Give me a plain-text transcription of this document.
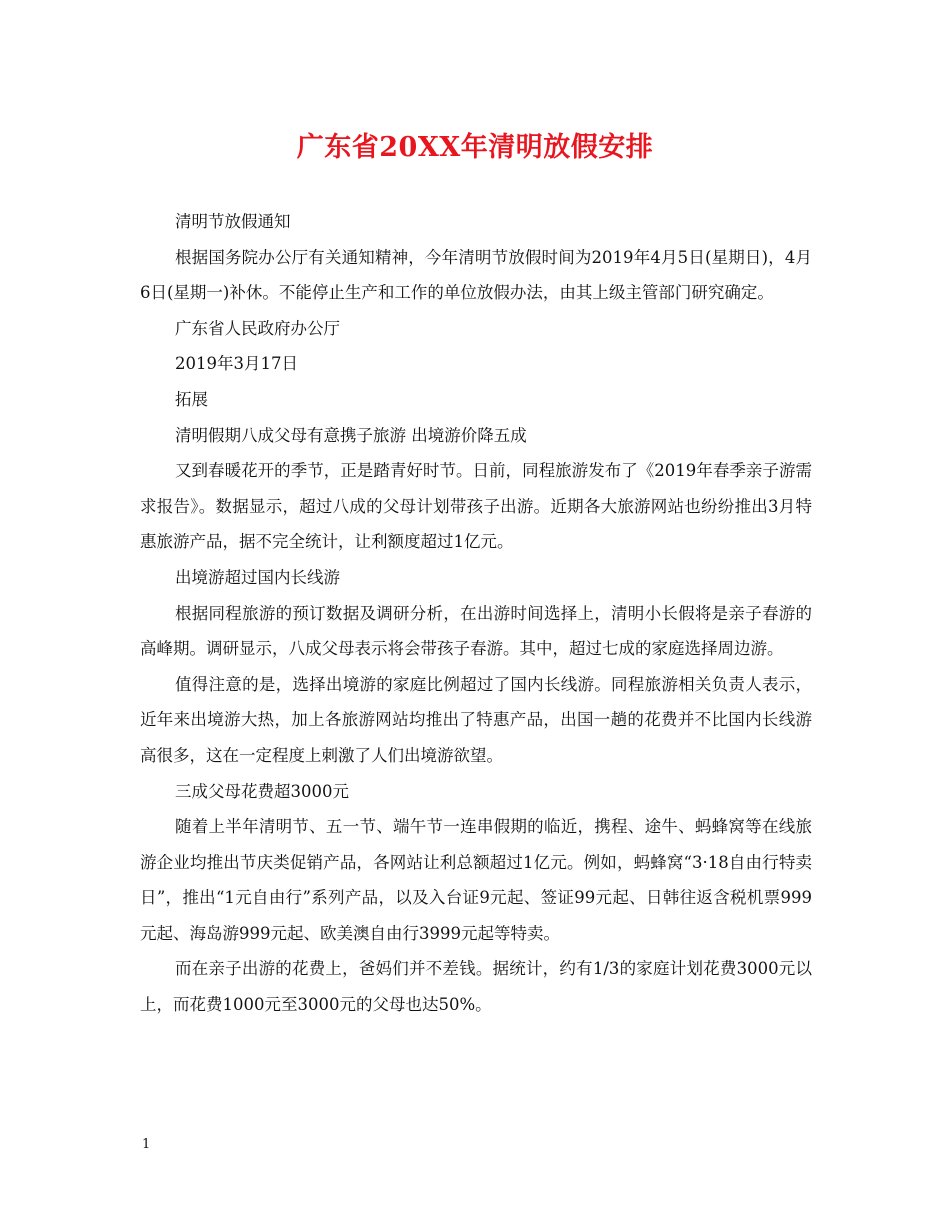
广东省20XX年清明放假安排

清明节放假通知

根据国务院办公厅有关通知精神，今年清明节放假时间为2019年4月5日(星期日)，4月6日(星期一)补休。不能停止生产和工作的单位放假办法，由其上级主管部门研究确定。

广东省人民政府办公厅

2019年3月17日

拓展

清明假期八成父母有意携子旅游 出境游价降五成

又到春暖花开的季节，正是踏青好时节。日前，同程旅游发布了《2019年春季亲子游需求报告》。数据显示，超过八成的父母计划带孩子出游。近期各大旅游网站也纷纷推出3月特惠旅游产品，据不完全统计，让利额度超过1亿元。

出境游超过国内长线游

根据同程旅游的预订数据及调研分析，在出游时间选择上，清明小长假将是亲子春游的高峰期。调研显示，八成父母表示将会带孩子春游。其中，超过七成的家庭选择周边游。

值得注意的是，选择出境游的家庭比例超过了国内长线游。同程旅游相关负责人表示，近年来出境游大热，加上各旅游网站均推出了特惠产品，出国一趟的花费并不比国内长线游高很多，这在一定程度上刺激了人们出境游欲望。

三成父母花费超3000元

随着上半年清明节、五一节、端午节一连串假期的临近，携程、途牛、蚂蜂窝等在线旅游企业均推出节庆类促销产品，各网站让利总额超过1亿元。例如，蚂蜂窝“3·18自由行特卖日”，推出“1元自由行”系列产品，以及入台证9元起、签证99元起、日韩往返含税机票999元起、海岛游999元起、欧美澳自由行3999元起等特卖。

而在亲子出游的花费上，爸妈们并不差钱。据统计，约有1/3的家庭计划花费3000元以上，而花费1000元至3000元的父母也达50%。

1
